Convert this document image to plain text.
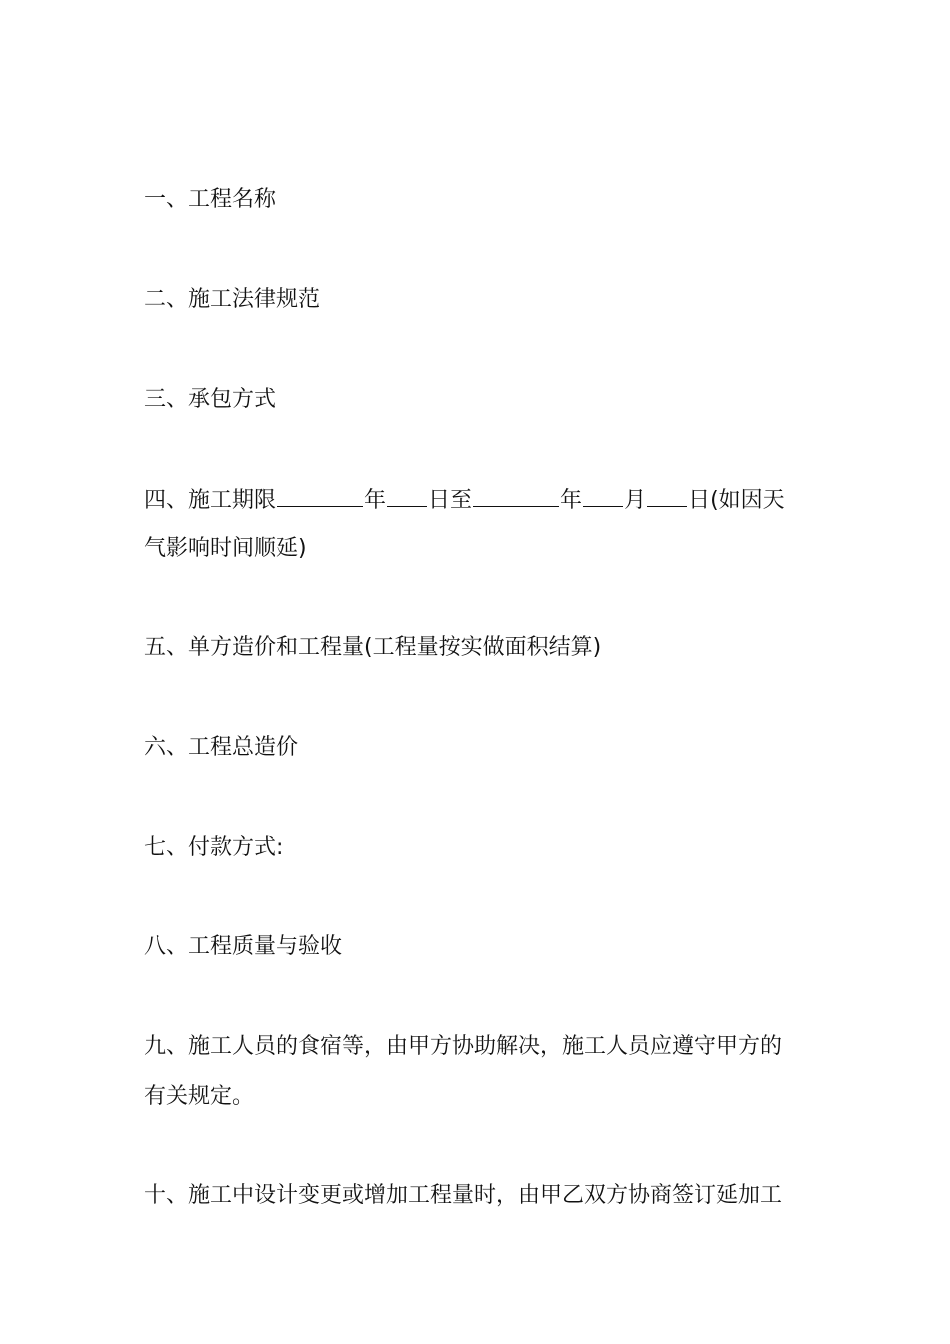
一、工程名称
二、施工法律规范
三、承包方式
四、施工期限	年 日至	年 月 日(如因天
气影响时间顺延)
五、单方造价和工程量(工程量按实做面积结算)
六、工程总造价
七、付款方式:
八、工程质量与验收
九、施工人员的食宿等，由甲方协助解决，施工人员应遵守甲方的
有关规定。
十、施工中设计变更或增加工程量时，由甲乙双方协商签订延加工
